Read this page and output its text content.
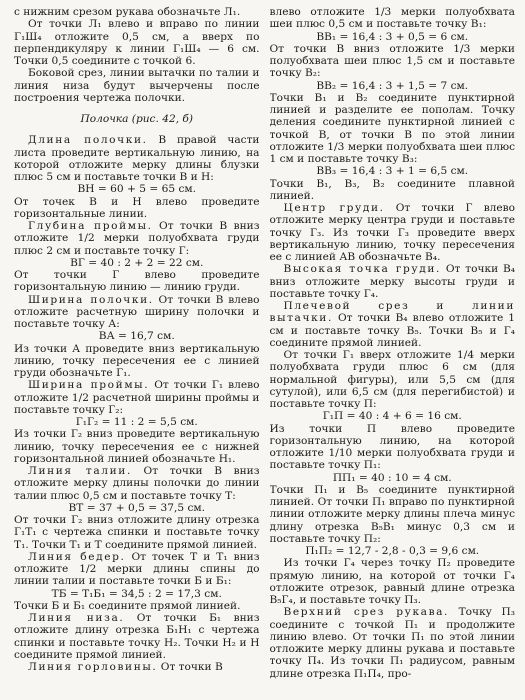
с нижним срезом рукава обозначьте Л₁.

От точки Л₁ влево и вправо по линии Г₁Ш₄ отложите 0,5 см, а вверх по перпендикуляру к линии Г₁Ш₄ — 6 см. Точки 0,5 соедините с точкой 6.

Боковой срез, линии вытачки по талии и линия низа будут вычерчены после построения чертежа полочки.

Полочка (рис. 42, б)

Длина полочки. В правой части листа проведите вертикальную линию, на которой отложите мерку длины блузки плюс 5 см и поставьте точки В и Н:

ВН = 60 + 5 = 65 см.

От точек В и Н влево проведите горизонтальные линии.

Глубина проймы. От точки В вниз отложите 1/2 мерки полуобхвата груди плюс 2 см и поставьте точку Г:

ВГ = 40 : 2 + 2 = 22 см.

От точки Г влево проведите горизонтальную линию — линию груди.

Ширина полочки. От точки В влево отложите расчетную ширину полочки и поставьте точку А:

ВА = 16,7 см.

Из точки А проведите вниз вертикальную линию, точку пересечения ее с линией груди обозначьте Г₁.

Ширина проймы. От точки Г₁ влево отложите 1/2 расчетной ширины проймы и поставьте точку Г₂:

Г₁Г₂ = 11 : 2 = 5,5 см.

Из точки Г₂ вниз проведите вертикальную линию, точку пересечения ее с нижней горизонтальной линией обозначьте Н₁.

Линия талии. От точки В вниз отложите мерку длины полочки до линии талии плюс 0,5 см и поставьте точку Т:

ВТ = 37 + 0,5 = 37,5 см.

От точки Г₂ вниз отложите длину отрезка Г₁Т₁ с чертежа спинки и поставьте точку Т₁. Точки Т₁ и Т соедините прямой линией.

Линия бедер. От точек Т и Т₁ вниз отложите 1/2 мерки длины спины до линии талии и поставьте точки Б и Б₁:

ТБ = Т₁Б₁ = 34,5 : 2 = 17,3 см.

Точки Б и Б₁ соедините прямой линией.

Линия низа. От точки Б₁ вниз отложите длину отрезка Б₁Н₁ с чертежа спинки и поставьте точку Н₂. Точки Н₂ и Н соедините прямой линией.

Линия горловины. От точки В

влево отложите 1/3 мерки полуобхвата шеи плюс 0,5 см и поставьте точку В₁:

ВВ₁ = 16,4 : 3 + 0,5 = 6 см.

От точки В вниз отложите 1/3 мерки полуобхвата шеи плюс 1,5 см и поставьте точку В₂:

ВВ₂ = 16,4 : 3 + 1,5 = 7 см.

Точки В₁ и В₂ соедините пунктирной линией и разделите ее пополам. Точку деления соедините пунктирной линией с точкой В, от точки В по этой линии отложите 1/3 мерки полуобхвата шеи плюс 1 см и поставьте точку В₃:

ВВ₃ = 16,4 : 3 + 1 = 6,5 см.

Точки В₁, В₃, В₂ соедините плавной линией.

Центр груди. От точки Г влево отложите мерку центра груди и поставьте точку Г₃. Из точки Г₃ проведите вверх вертикальную линию, точку пересечения ее с линией АВ обозначьте В₄.

Высокая точка груди. От точки В₄ вниз отложите мерку высоты груди и поставьте точку Г₄.

Плечевой срез и линии вытачки. От точки В₄ влево отложите 1 см и поставьте точку В₅. Точки В₅ и Г₄ соедините прямой линией.

От точки Г₁ вверх отложите 1/4 мерки полуобхвата груди плюс 6 см (для нормальной фигуры), или 5,5 см (для сутулой), или 6,5 см (для перегибистой) и поставьте точку П:

Г₁П = 40 : 4 + 6 = 16 см.

Из точки П влево проведите горизонтальную линию, на которой отложите 1/10 мерки полуобхвата груди и поставьте точку П₁:

ПП₁ = 40 : 10 = 4 см.

Точки П₁ и В₅ соедините пунктирной линией. От точки П₁ вправо по пунктирной линии отложите мерку длины плеча минус длину отрезка В₅В₁ минус 0,3 см и поставьте точку П₂:

П₁П₂ = 12,7 - 2,8 - 0,3 = 9,6 см.

Из точки Г₄ через точку П₂ проведите прямую линию, на которой от точки Г₄ отложите отрезок, равный длине отрезка В₅Г₄, и поставьте точку П₃.

Верхний срез рукава. Точку П₃ соедините с точкой П₁ и продолжите линию влево. От точки П₁ по этой линии отложите мерку длины рукава и поставьте точку П₄. Из точки П₁ радиусом, равным длине отрезка П₁П₄, про-
